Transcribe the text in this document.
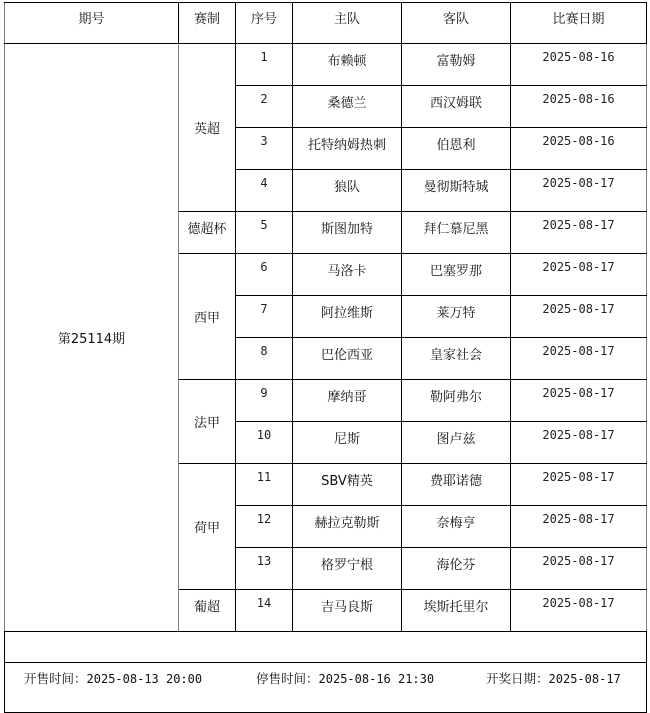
期号	赛制	序号	主队	客队	比赛日期
第25114期	英超	1	布赖顿	富勒姆	2025-08-16
		2	桑德兰	西汉姆联	2025-08-16
		3	托特纳姆热刺	伯恩利	2025-08-16
		4	狼队	曼彻斯特城	2025-08-17
	德超杯	5	斯图加特	拜仁慕尼黑	2025-08-17
	西甲	6	马洛卡	巴塞罗那	2025-08-17
		7	阿拉维斯	莱万特	2025-08-17
		8	巴伦西亚	皇家社会	2025-08-17
	法甲	9	摩纳哥	勒阿弗尔	2025-08-17
		10	尼斯	图卢兹	2025-08-17
	荷甲	11	SBV精英	费耶诺德	2025-08-17
		12	赫拉克勒斯	奈梅亨	2025-08-17
		13	格罗宁根	海伦芬	2025-08-17
	葡超	14	吉马良斯	埃斯托里尔	2025-08-17

开售时间：2025-08-13 20:00 停售时间：2025-08-16 21:30 开奖日期：2025-08-17					
